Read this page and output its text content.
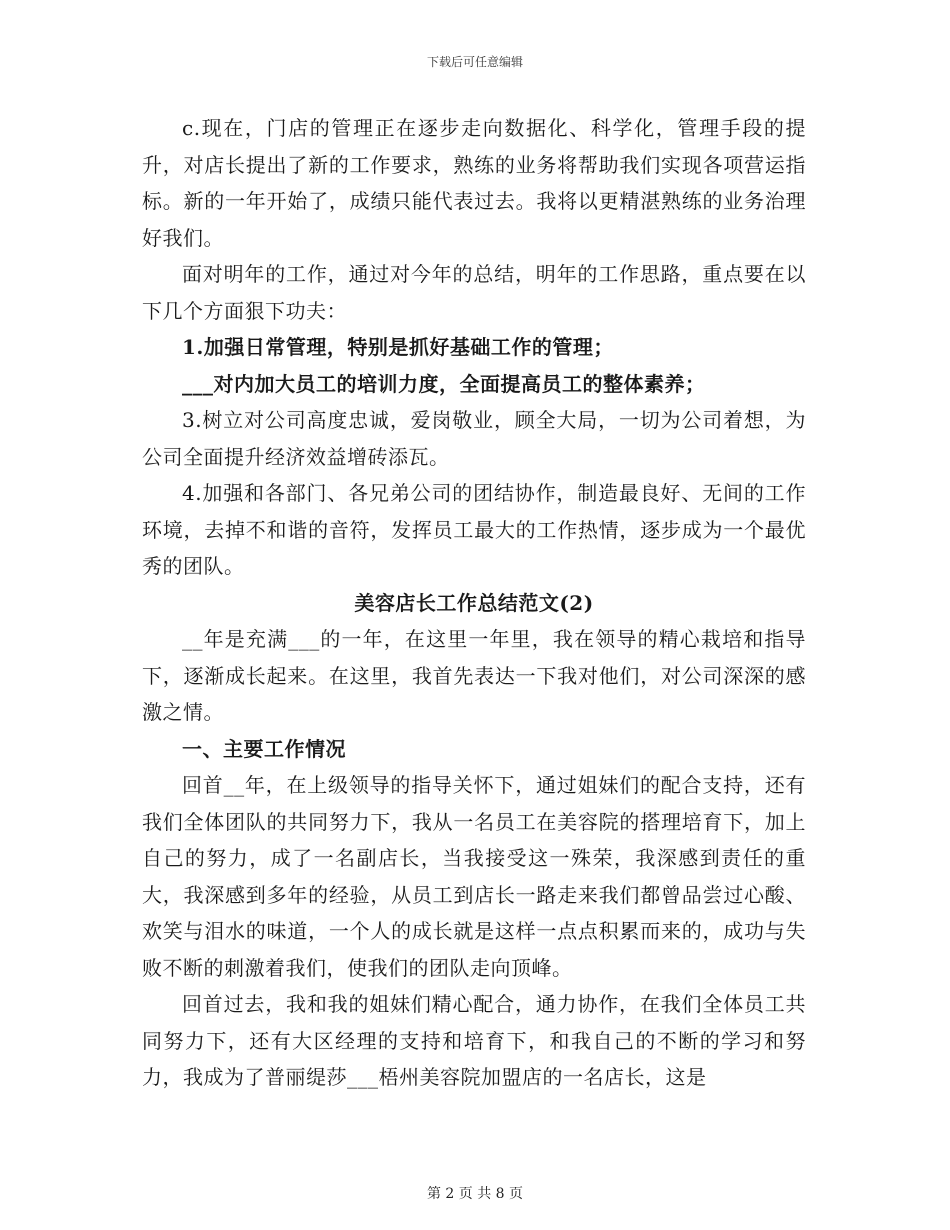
下载后可任意编辑

c.现在，门店的管理正在逐步走向数据化、科学化，管理手段的提升，对店长提出了新的工作要求，熟练的业务将帮助我们实现各项营运指标。新的一年开始了，成绩只能代表过去。我将以更精湛熟练的业务治理好我们。

面对明年的工作，通过对今年的总结，明年的工作思路，重点要在以下几个方面狠下功夫：

1.加强日常管理，特别是抓好基础工作的管理；

___对内加大员工的培训力度，全面提高员工的整体素养；

3.树立对公司高度忠诚，爱岗敬业，顾全大局，一切为公司着想，为公司全面提升经济效益增砖添瓦。

4.加强和各部门、各兄弟公司的团结协作，制造最良好、无间的工作环境，去掉不和谐的音符，发挥员工最大的工作热情，逐步成为一个最优秀的团队。

美容店长工作总结范文(2)

__年是充满___的一年，在这里一年里，我在领导的精心栽培和指导下，逐渐成长起来。在这里，我首先表达一下我对他们，对公司深深的感激之情。

一、主要工作情况

回首__年，在上级领导的指导关怀下，通过姐妹们的配合支持，还有我们全体团队的共同努力下，我从一名员工在美容院的搭理培育下，加上自己的努力，成了一名副店长，当我接受这一殊荣，我深感到责任的重大，我深感到多年的经验，从员工到店长一路走来我们都曾品尝过心酸、欢笑与泪水的味道，一个人的成长就是这样一点点积累而来的，成功与失败不断的刺激着我们，使我们的团队走向顶峰。

回首过去，我和我的姐妹们精心配合，通力协作，在我们全体员工共同努力下，还有大区经理的支持和培育下，和我自己的不断的学习和努力，我成为了普丽缇莎___梧州美容院加盟店的一名店长，这是

第 2 页 共 8 页
